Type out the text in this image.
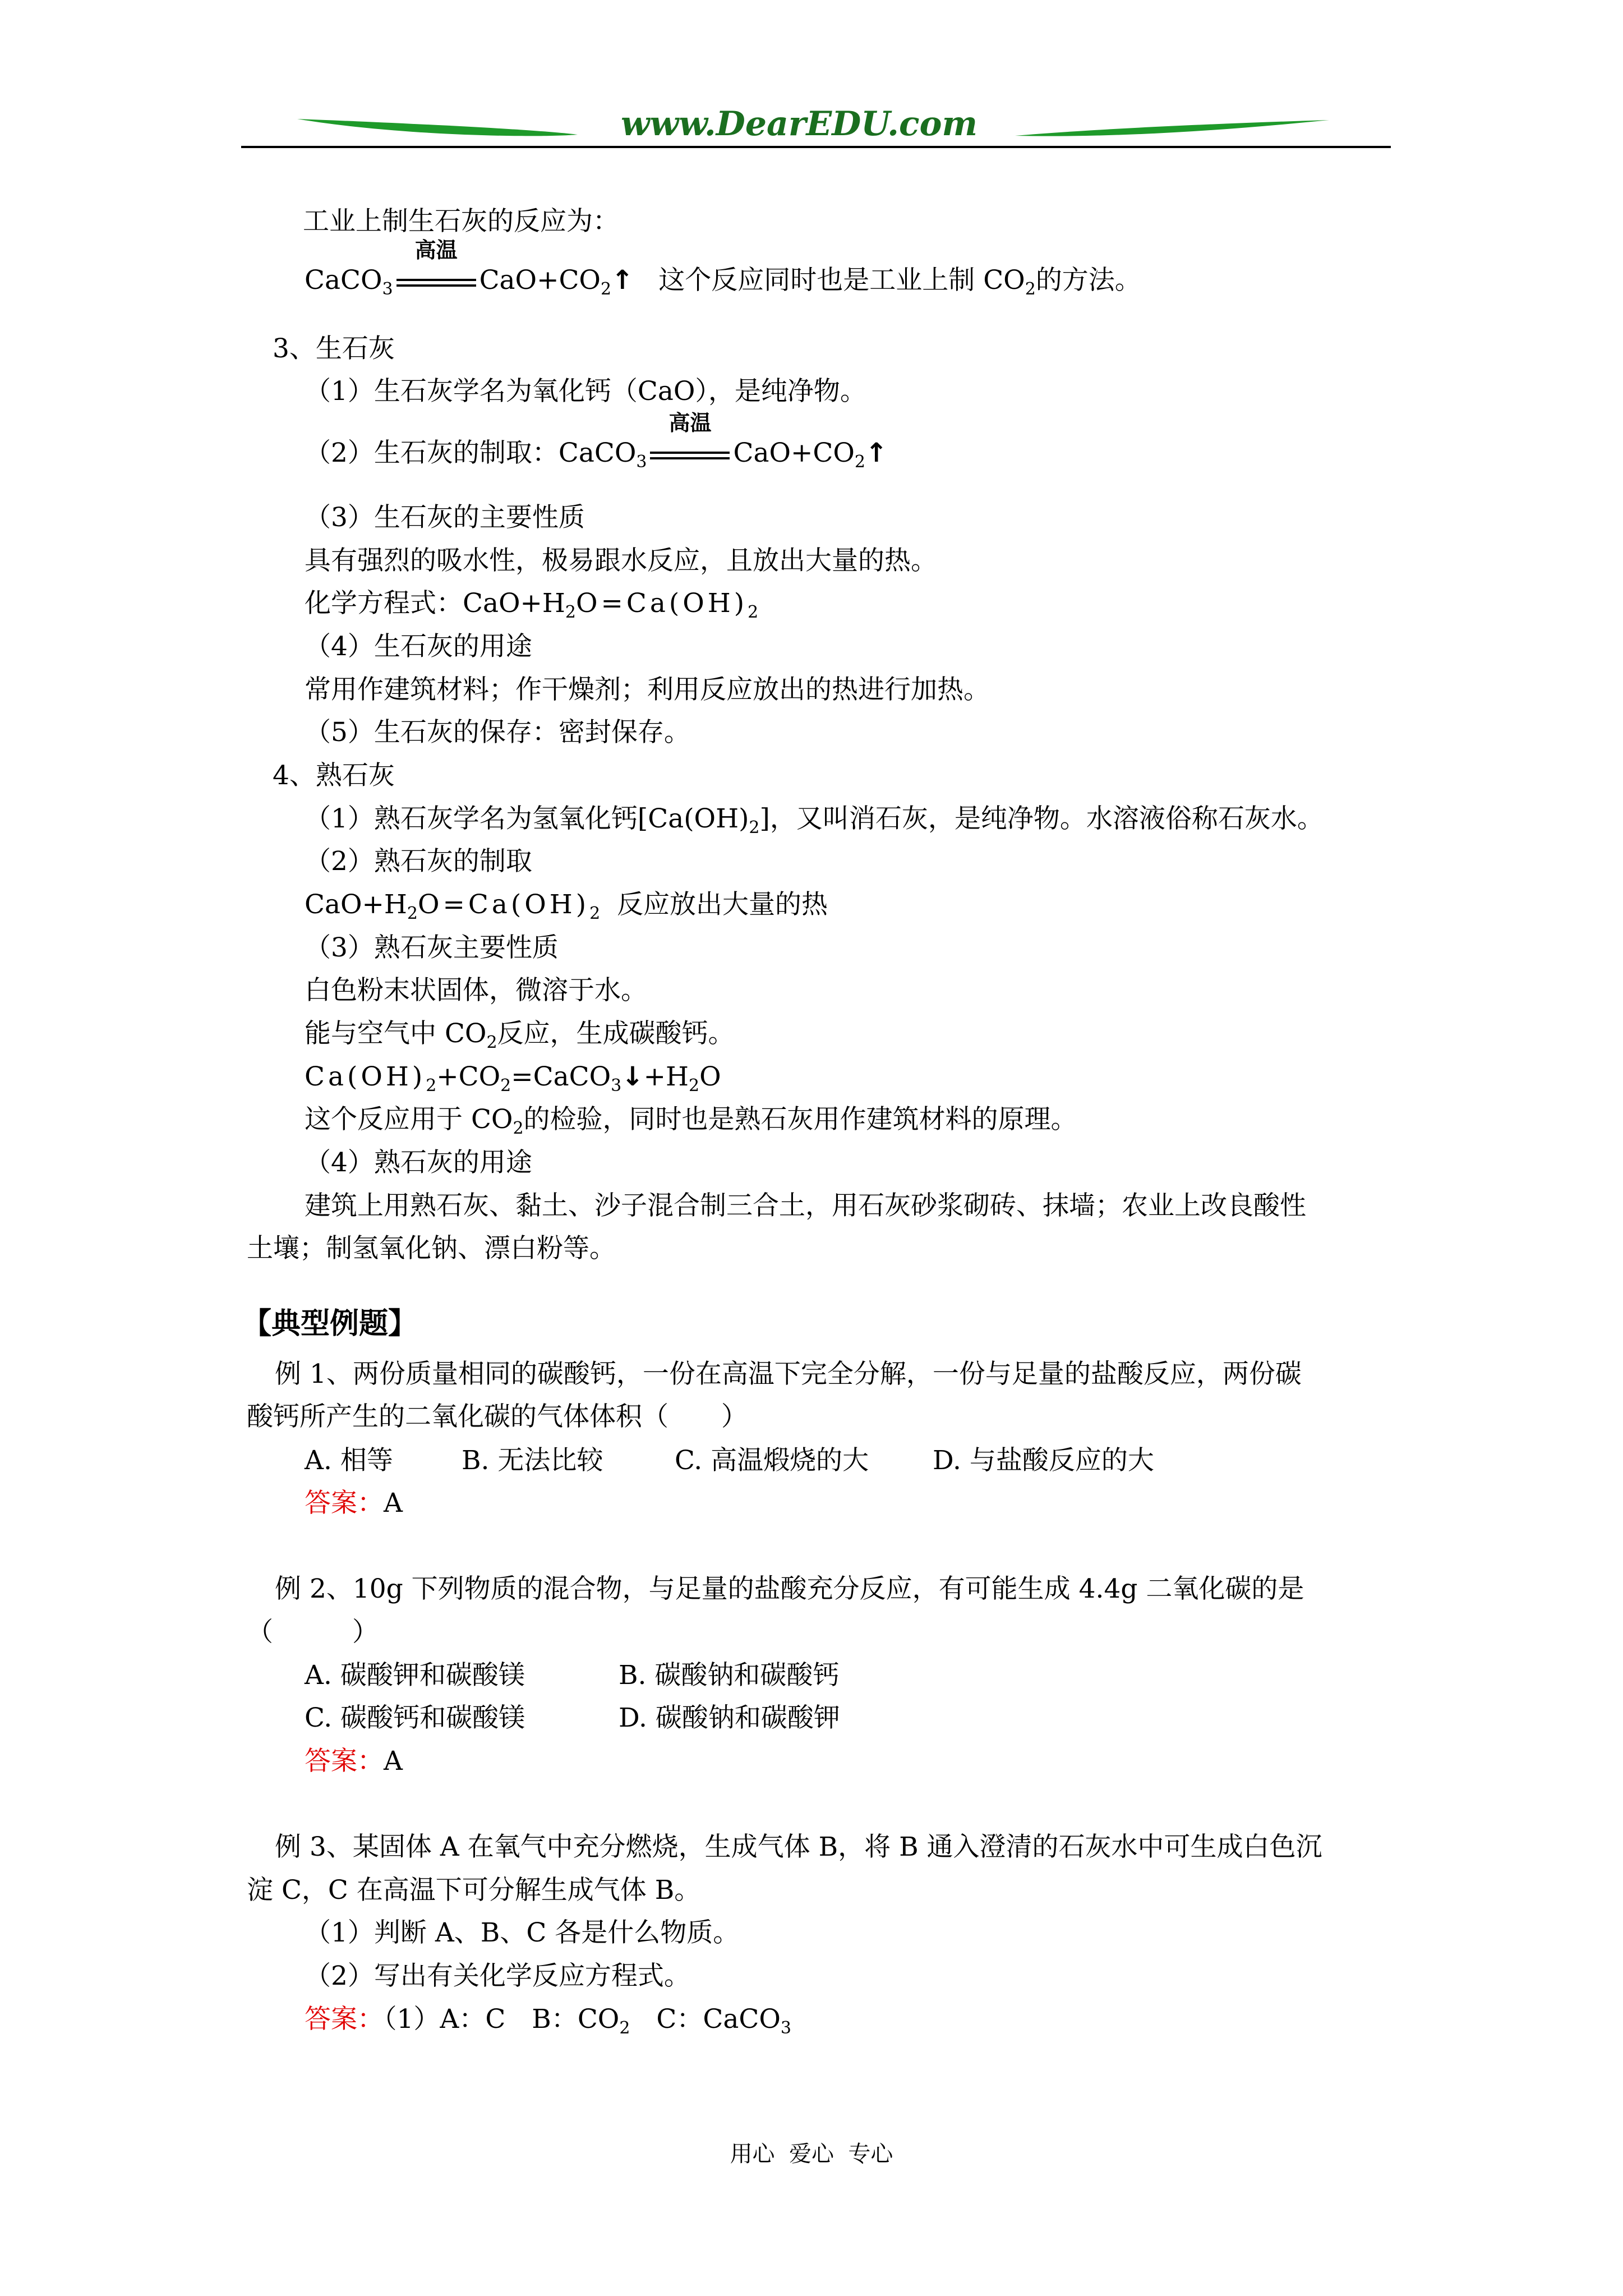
www.DearEDU.com
工业上制生石灰的反应为：
CaCO$_3$
高温
$CaO+CO_2↑$ 这个反应同时也是工业上制 $CO_2$的方法。
3、生石灰
（1）生石灰学名为氧化钙（CaO），是纯净物。
（2）生石灰的制取：CaCO$_3$
高温
$CaO+CO_2↑$
（3）生石灰的主要性质
具有强烈的吸水性，极易跟水反应，且放出大量的热。
化学方程式：$CaO+H_2O=Ca(OH)_2$
（4）生石灰的用途
常用作建筑材料；作干燥剂；利用反应放出的热进行加热。
（5）生石灰的保存：密封保存。
4、熟石灰
（1）熟石灰学名为氢氧化钙$[Ca(OH)_2]$，又叫消石灰，是纯净物。水溶液俗称石灰水。
（2）熟石灰的制取
$CaO+H_2O=Ca(OH)_2$ 反应放出大量的热
（3）熟石灰主要性质
白色粉末状固体，微溶于水。
能与空气中 $CO_2$反应，生成碳酸钙。
$Ca(OH)_2+CO_2=CaCO_3↓+H_2O$
这个反应用于 $CO_2$的检验，同时也是熟石灰用作建筑材料的原理。
（4）熟石灰的用途
建筑上用熟石灰、黏土、沙子混合制三合土，用石灰砂浆砌砖、抹墙；农业上改良酸性
土壤；制氢氧化钠、漂白粉等。
【典型例题】
例 1、两份质量相同的碳酸钙，一份在高温下完全分解，一份与足量的盐酸反应，两份碳
酸钙所产生的二氧化碳的气体体积（　　）
A. 相等	B. 无法比较	C. 高温煅烧的大 D. 与盐酸反应的大
答案：A
例 2、10g 下列物质的混合物，与足量的盐酸充分反应，有可能生成 4.4g 二氧化碳的是
（　　　）
A. 碳酸钾和碳酸镁	B. 碳酸钠和碳酸钙
C. 碳酸钙和碳酸镁	D. 碳酸钠和碳酸钾
答案：A
例 3、某固体 A 在氧气中充分燃烧，生成气体 B，将 B 通入澄清的石灰水中可生成白色沉
淀 C，C 在高温下可分解生成气体 B。
（1）判断 A、B、C 各是什么物质。
（2）写出有关化学反应方程式。
答案：（1）A：C　B：$CO_2$　C：CaCO$_3$
用心  爱心  专心
